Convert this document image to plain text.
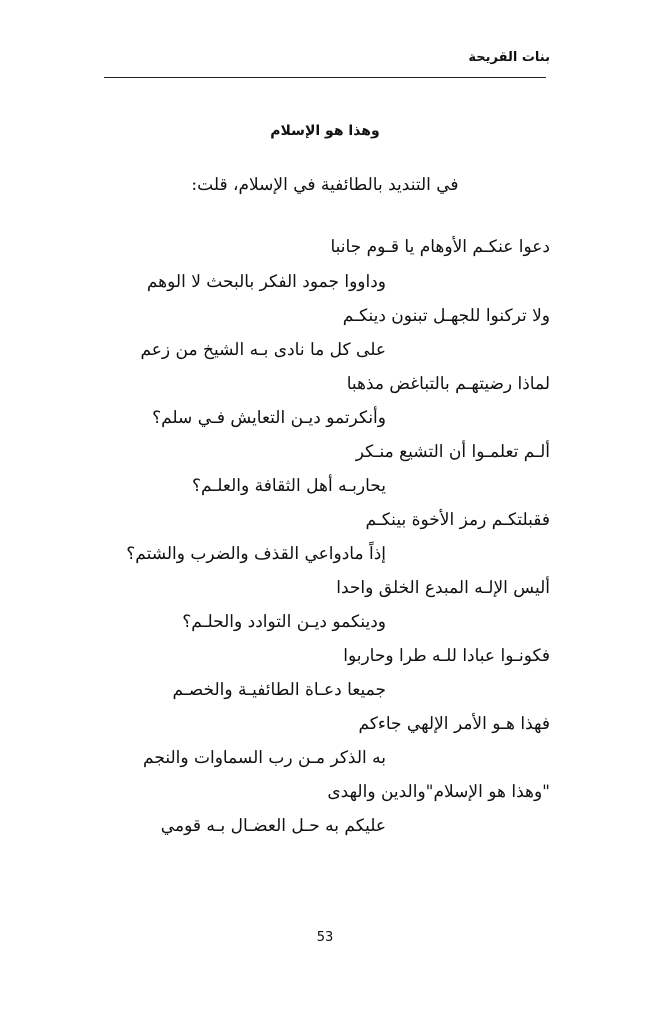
بنات القريحة
وهذا هو الإسلام
في التنديد بالطائفية في الإسلام، قلت:
دعوا عنكـم الأوهام يا قـوم جانبا
وداووا جمود الفكر بالبحث لا الوهم
ولا تركنوا للجهـل تبنون دينكـم
على كل ما نادى بـه الشيخ من زعم
لماذا رضيتهـم بالتباغض مذهبا
وأنكرتمو ديـن التعايش فـي سلم؟
ألـم تعلمـوا أن التشيع منـكر
يحاربـه أهل الثقافة والعلـم؟
فقبلتكـم رمز الأخوة بينكـم
إذاً مادواعي القذف والضرب والشتم؟
أليس الإلـه المبدع الخلق واحدا
ودينكمو ديـن التوادد والحلـم؟
فكونـوا عبادا للـه طرا وحاربوا
جميعا دعـاة الطائفيـة والخصـم
فهذا هـو الأمر الإلهي جاءكم
به الذكر مـن رب السماوات والنجم
"وهذا هو الإسلام"والدين والهدى
عليكم به حـل العضـال بـه قومي
53
